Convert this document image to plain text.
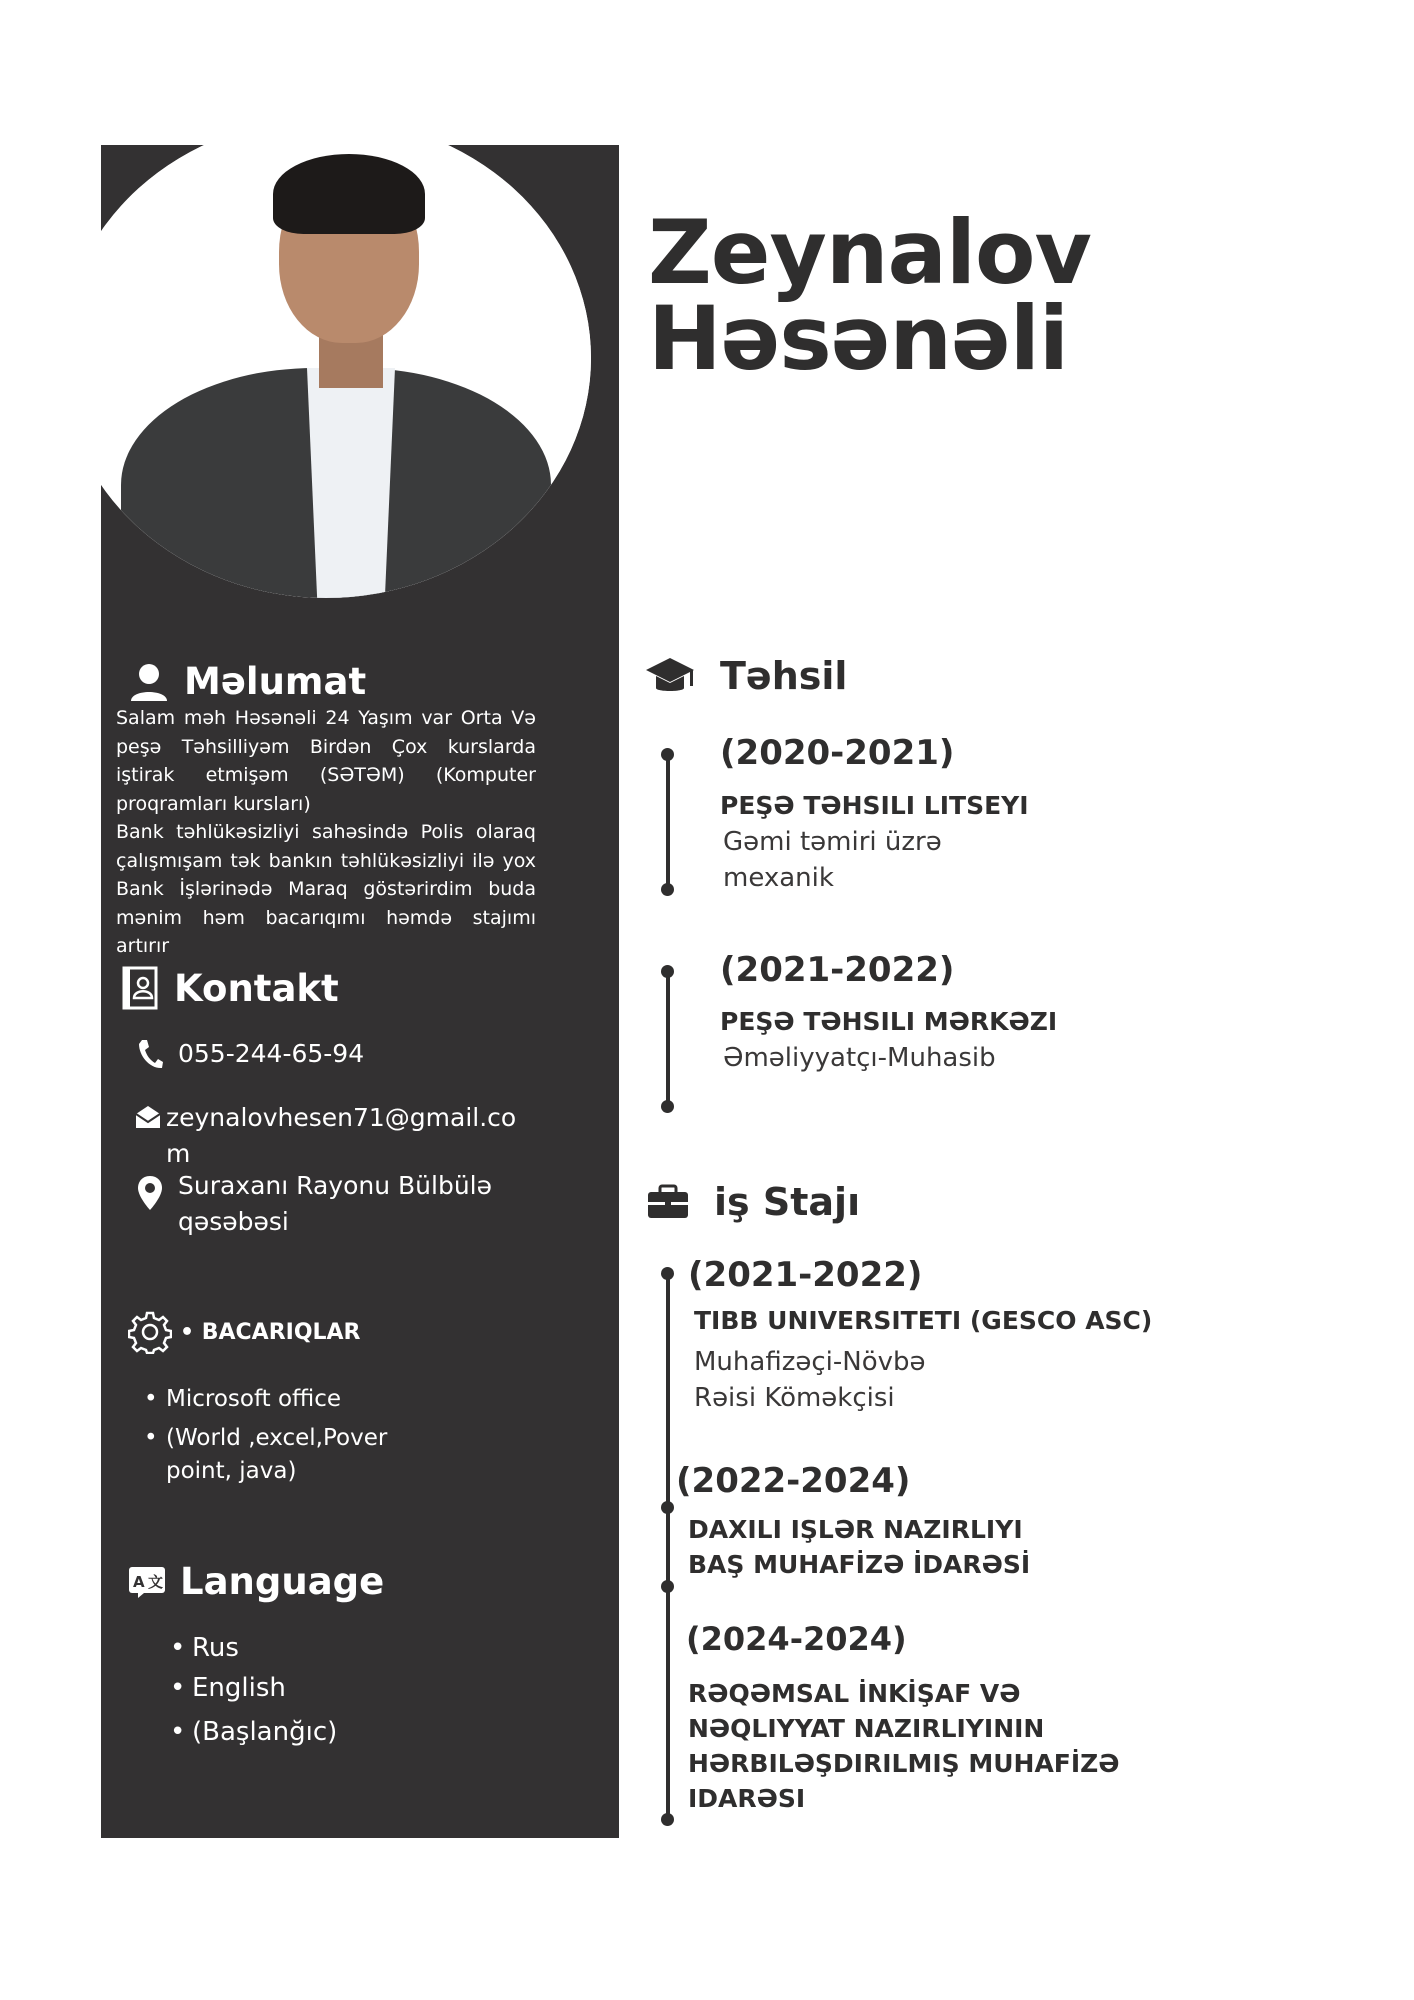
Məlumat

Salam məh Həsənəli 24 Yaşım var Orta Və peşə Təhsilliyəm Birdən Çox kurslarda iştirak etmişəm (SƏTƏM) (Komputer proqramları kursları)

Bank təhlükəsizliyi sahəsində Polis olaraq çalışmışam tək bankın təhlükəsizliyi ilə yox Bank İşlərinədə Maraq göstərirdim buda mənim həm bacarıqımı həmdə stajımı artırır

Kontakt
055-244-65-94
zeynalovhesen71@gmail.co
m
Suraxanı Rayonu Bülbülə
qəsəbəsi
• BACARIQLAR
• Microsoft office
• (World ,excel,Pover
point, java)
A 文 Language
• Rus
• English
• (Başlanğıc)
Zeynalov
Həsənəli
Təhsil
(2020-2021)
PEŞƏ TƏHSILI LITSEYI
Gəmi təmiri üzrə
mexanik
(2021-2022)
PEŞƏ TƏHSILI MƏRKƏZI
Əməliyyatçı-Muhasib
iş Stajı
(2021-2022)
TIBB UNIVERSITETI (GESCO ASC)
Muhafizəçi-Növbə
Rəisi Köməkçisi
(2022-2024)
DAXILI IŞLƏR NAZIRLIYI
BAŞ MUHAFİZƏ İDARƏSİ
(2024-2024)
RƏQƏMSAL İNKİŞAF VƏ
NƏQLIYYAT NAZIRLIYININ
HƏRBILƏŞDIRILMIŞ MUHAFİZƏ
IDARƏSI
